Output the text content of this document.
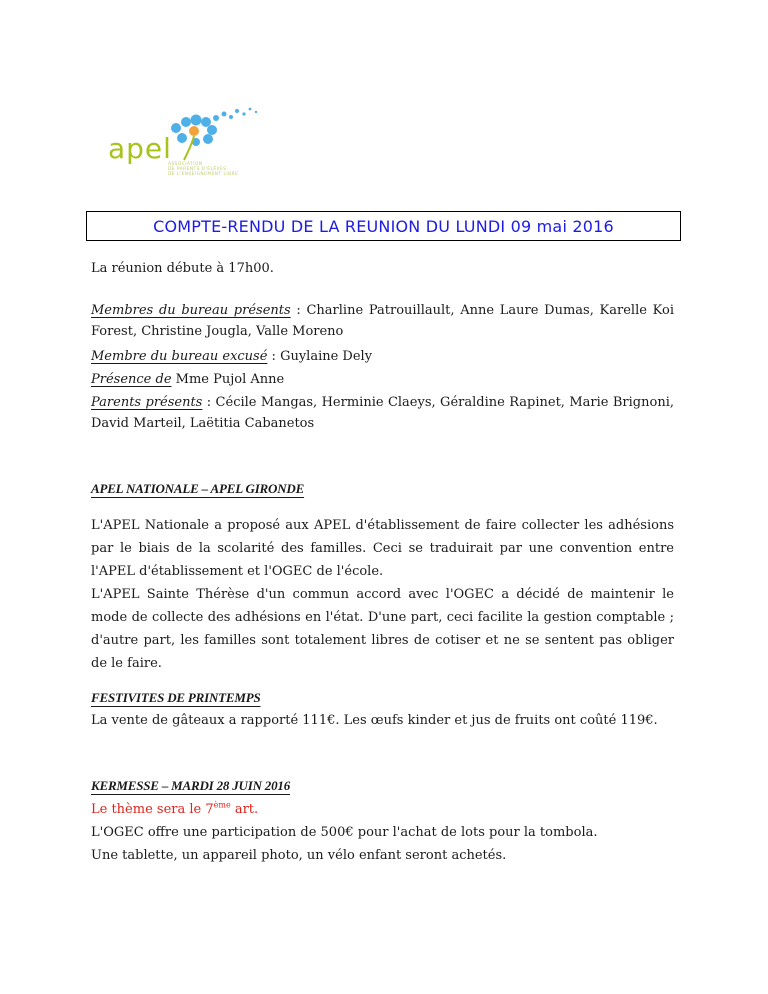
apel
ASSOCIATION
DE PARENTS D'ÉLÈVES
DE L'ENSEIGNEMENT LIBRE
COMPTE-RENDU DE LA REUNION DU LUNDI 09 mai 2016

La réunion débute à 17h00.

Membres du bureau présents : Charline Patrouillault, Anne Laure Dumas, Karelle Koi Forest, Christine Jougla, Valle Moreno

Membre du bureau excusé : Guylaine Dely

Présence de Mme Pujol Anne

Parents présents : Cécile Mangas, Herminie Claeys, Géraldine Rapinet, Marie Brignoni, David Marteil, Laëtitia Cabanetos

APEL NATIONALE – APEL GIRONDE

L'APEL Nationale a proposé aux APEL d'établissement de faire collecter les adhésions par le biais de la scolarité des familles. Ceci se traduirait par une convention entre l'APEL d'établissement et l'OGEC de l'école.

L'APEL Sainte Thérèse d'un commun accord avec l'OGEC a décidé de maintenir le mode de collecte des adhésions en l'état. D'une part, ceci facilite la gestion comptable ; d'autre part, les familles sont totalement libres de cotiser et ne se sentent pas obliger de le faire.

FESTIVITES DE PRINTEMPS

La vente de gâteaux a rapporté 111€. Les œufs kinder et jus de fruits ont coûté 119€.

KERMESSE – MARDI 28 JUIN 2016

Le thème sera le 7ème art.

L'OGEC offre une participation de 500€ pour l'achat de lots pour la tombola.

Une tablette, un appareil photo, un vélo enfant seront achetés.
